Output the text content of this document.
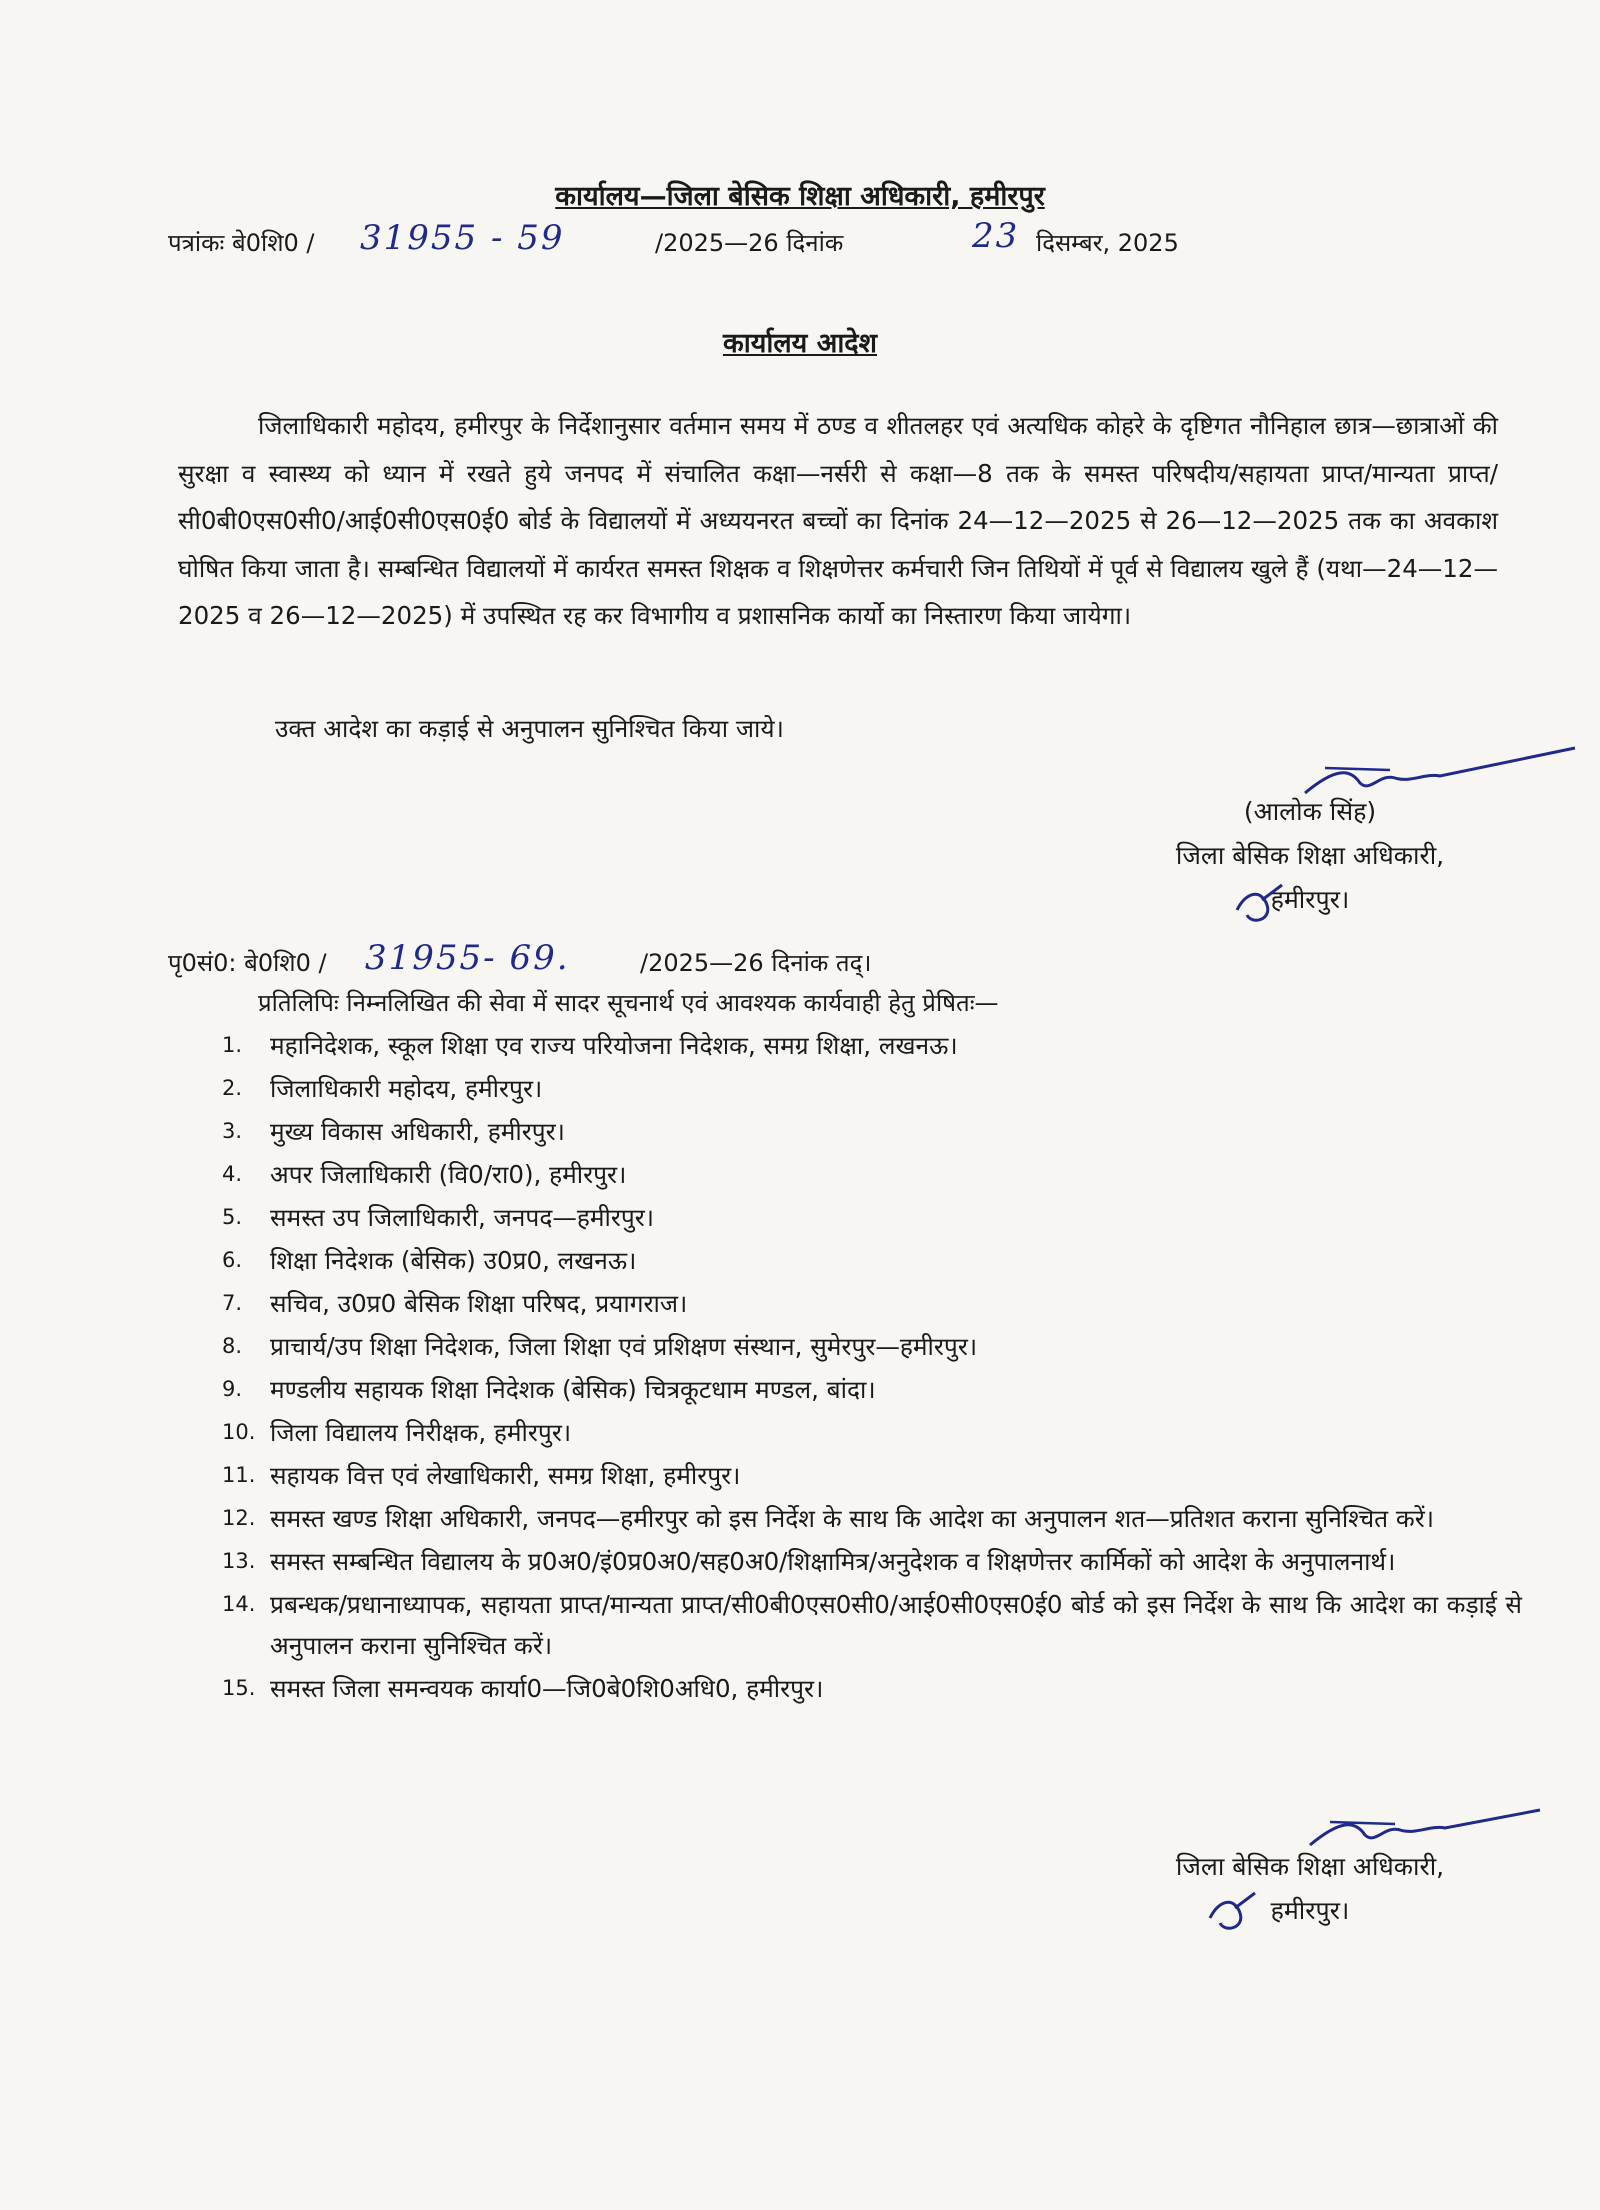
कार्यालय—जिला बेसिक शिक्षा अधिकारी, हमीरपुर
पत्रांकः बे0शि0 / 31955 - 59	/2025—26 दिनांक	23 दिसम्बर, 2025
कार्यालय आदेश
जिलाधिकारी महोदय, हमीरपुर के निर्देशानुसार वर्तमान समय में ठण्ड व शीतलहर एवं अत्यधिक कोहरे के दृष्टिगत नौनिहाल छात्र—छात्राओं की सुरक्षा व स्वास्थ्य को ध्यान में रखते हुये जनपद में संचालित कक्षा—नर्सरी से कक्षा—8 तक के समस्त परिषदीय/सहायता प्राप्त/मान्यता प्राप्त/सी0बी0एस0सी0/आई0सी0एस0ई0 बोर्ड के विद्यालयों में अध्ययनरत बच्चों का दिनांक 24—12—2025 से 26—12—2025 तक का अवकाश घोषित किया जाता है। सम्बन्धित विद्यालयों में कार्यरत समस्त शिक्षक व शिक्षणेत्तर कर्मचारी जिन तिथियों में पूर्व से विद्यालय खुले हैं (यथा—24—12—2025 व 26—12—2025) में उपस्थित रह कर विभागीय व प्रशासनिक कार्यो का निस्तारण किया जायेगा।
उक्त आदेश का कड़ाई से अनुपालन सुनिश्चित किया जाये।
(आलोक सिंह)
जिला बेसिक शिक्षा अधिकारी,
हमीरपुर।
पृ0सं0: बे0शि0 / 31955- 69.	/2025—26 दिनांक तद्।
प्रतिलिपिः निम्नलिखित की सेवा में सादर सूचनार्थ एवं आवश्यक कार्यवाही हेतु प्रेषितः—
1. महानिदेशक, स्कूल शिक्षा एव राज्य परियोजना निदेशक, समग्र शिक्षा, लखनऊ।
2. जिलाधिकारी महोदय, हमीरपुर।
3. मुख्य विकास अधिकारी, हमीरपुर।
4. अपर जिलाधिकारी (वि0/रा0), हमीरपुर।
5. समस्त उप जिलाधिकारी, जनपद—हमीरपुर।
6. शिक्षा निदेशक (बेसिक) उ0प्र0, लखनऊ।
7. सचिव, उ0प्र0 बेसिक शिक्षा परिषद, प्रयागराज।
8. प्राचार्य/उप शिक्षा निदेशक, जिला शिक्षा एवं प्रशिक्षण संस्थान, सुमेरपुर—हमीरपुर।
9. मण्डलीय सहायक शिक्षा निदेशक (बेसिक) चित्रकूटधाम मण्डल, बांदा।
10. जिला विद्यालय निरीक्षक, हमीरपुर।
11. सहायक वित्त एवं लेखाधिकारी, समग्र शिक्षा, हमीरपुर।
12. समस्त खण्ड शिक्षा अधिकारी, जनपद—हमीरपुर को इस निर्देश के साथ कि आदेश का अनुपालन शत—प्रतिशत कराना सुनिश्चित करें।
13. समस्त सम्बन्धित विद्यालय के प्र0अ0/इं0प्र0अ0/सह0अ0/शिक्षामित्र/अनुदेशक व शिक्षणेत्तर कार्मिकों को आदेश के अनुपालनार्थ।
14. प्रबन्धक/प्रधानाध्यापक, सहायता प्राप्त/मान्यता प्राप्त/सी0बी0एस0सी0/आई0सी0एस0ई0 बोर्ड को इस निर्देश के साथ कि आदेश का कड़ाई से अनुपालन कराना सुनिश्चित करें।
15. समस्त जिला समन्वयक कार्या0—जि0बे0शि0अधि0, हमीरपुर।
जिला बेसिक शिक्षा अधिकारी,
हमीरपुर।
